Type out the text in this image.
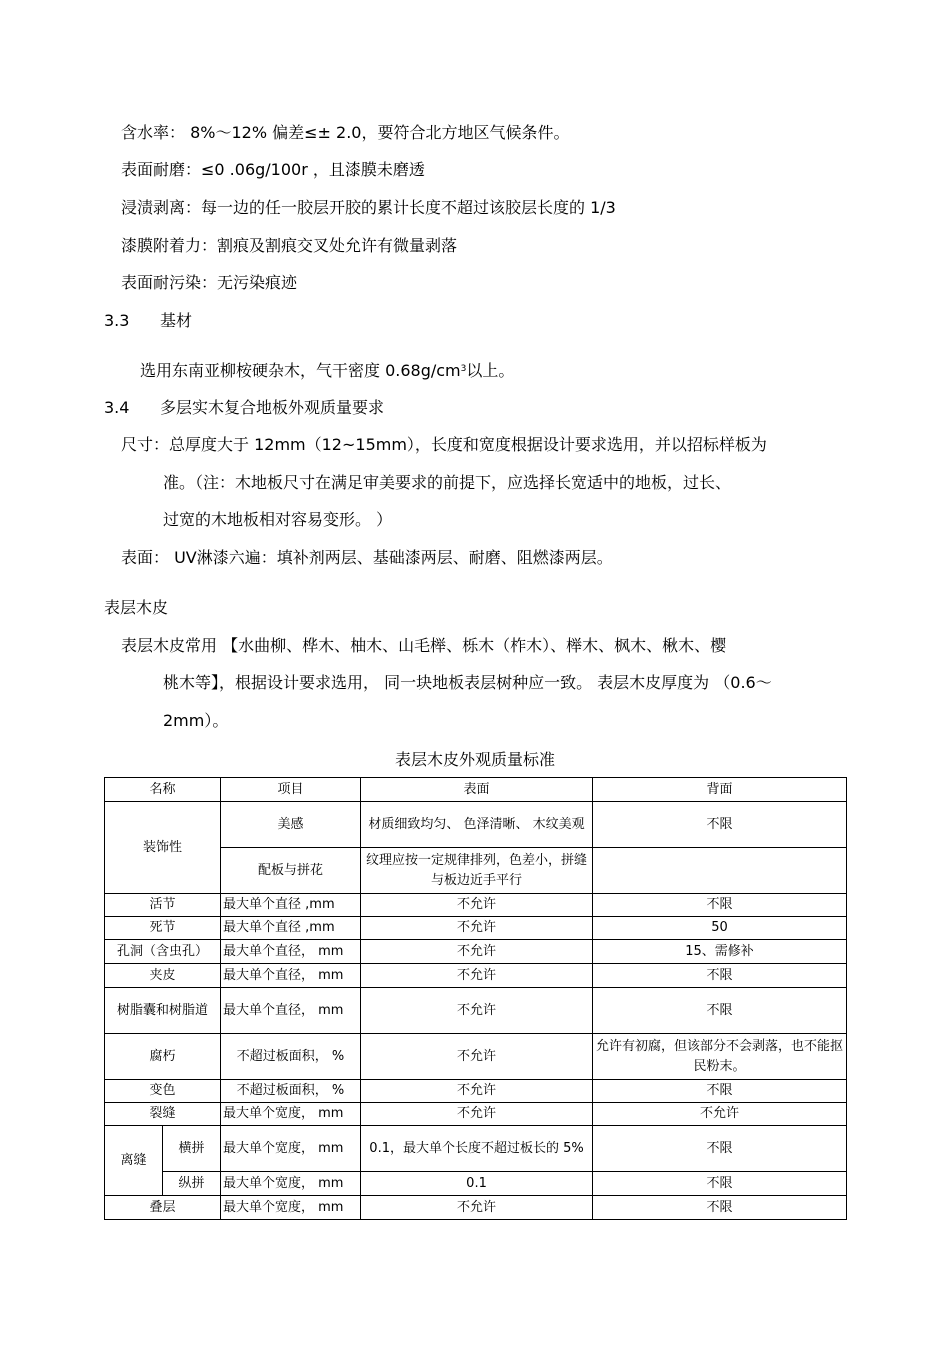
含水率： 8%～12% 偏差≤± 2.0，要符合北方地区气候条件。
表面耐磨：≤0 .06g/100r ，且漆膜未磨透
浸渍剥离：每一边的任一胶层开胶的累计长度不超过该胶层长度的 1/3
漆膜附着力：割痕及割痕交叉处允许有微量剥落
表面耐污染：无污染痕迹
3.3 基材
选用东南亚柳桉硬杂木，气干密度 $0.68g/cm^3$以上。
3.4 多层实木复合地板外观质量要求
尺寸：总厚度大于 12mm（12~15mm），长度和宽度根据设计要求选用，并以招标样板为
准。（注：木地板尺寸在满足审美要求的前提下，应选择长宽适中的地板，过长、
过宽的木地板相对容易变形。 ）
表面： UV淋漆六遍：填补剂两层、基础漆两层、耐磨、阻燃漆两层。
表层木皮
表层木皮常用 【水曲柳、桦木、柚木、山毛榉、栎木（柞木）、榉木、枫木、楸木、樱
桃木等】，根据设计要求选用， 同一块地板表层树种应一致。 表层木皮厚度为 （0.6～
2mm）。
表层木皮外观质量标准
名称		项目	表面	背面
装饰性		美感	材质细致均匀、 色泽清晰、 木纹美观	不限
		配板与拼花	纹理应按一定规律排列，色差小，拼缝与板边近手平行	
活节		最大单个直径 ,mm	不允许	不限
死节		最大单个直径 ,mm	不允许	50
孔洞（含虫孔）		最大单个直径， mm	不允许	15、需修补
夹皮		最大单个直径， mm	不允许	不限
树脂囊和树脂道		最大单个直径， mm	不允许	不限
腐朽		不超过板面积， %	不允许	允许有初腐，但该部分不会剥落，也不能抠民粉末。
变色		不超过板面积， %	不允许	不限
裂缝		最大单个宽度， mm	不允许	不允许
离缝	横拼	最大单个宽度， mm	0.1，最大单个长度不超过板长的 5%	不限
	纵拼	最大单个宽度， mm	0.1	不限
叠层		最大单个宽度， mm	不允许	不限
